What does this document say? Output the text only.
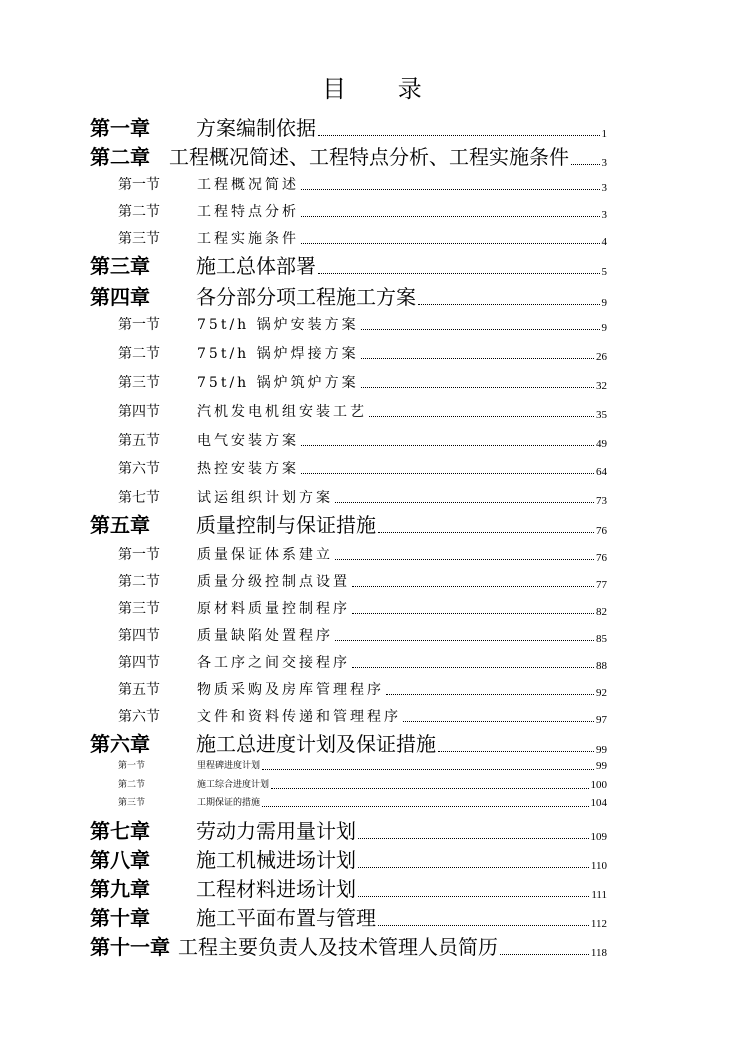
目 录
第一章	方案编制依据	1
第二章 工程概况简述、工程特点分析、工程实施条件	3
第一节	工程概况简述	3
第二节	工程特点分析	3
第三节	工程实施条件	4
第三章	施工总体部署	5
第四章	各分部分项工程施工方案	9
第一节	75t/h 锅炉安装方案	9
第二节	75t/h 锅炉焊接方案	26
第三节	75t/h 锅炉筑炉方案	32
第四节	汽机发电机组安装工艺	35
第五节	电气安装方案	49
第六节	热控安装方案	64
第七节	试运组织计划方案	73
第五章	质量控制与保证措施	76
第一节	质量保证体系建立	76
第二节	质量分级控制点设置	77
第三节	原材料质量控制程序	82
第四节	质量缺陷处置程序	85
第四节	各工序之间交接程序	88
第五节	物质采购及房库管理程序	92
第六节	文件和资料传递和管理程序	97
第六章	施工总进度计划及保证措施	99
第一节	里程碑进度计划	99
第二节	施工综合进度计划	100
第三节	工期保证的措施	104
第七章	劳动力需用量计划	109
第八章	施工机械进场计划	110
第九章	工程材料进场计划	111
第十章	施工平面布置与管理	112
第十一章 工程主要负责人及技术管理人员简历	118
